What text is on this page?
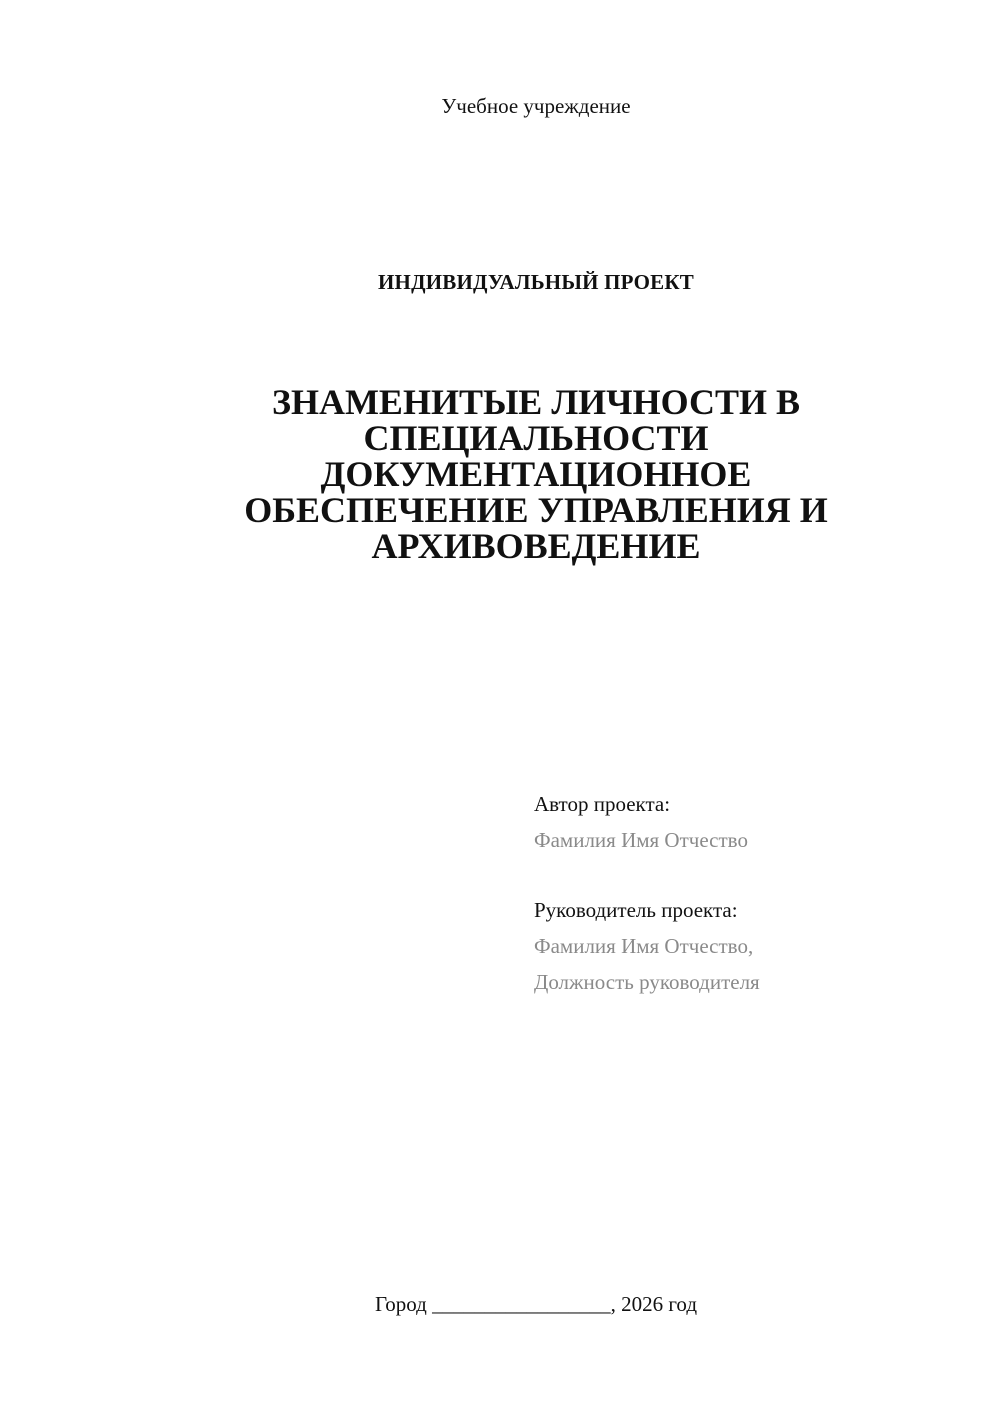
Учебное учреждение
ИНДИВИДУАЛЬНЫЙ ПРОЕКТ
ЗНАМЕНИТЫЕ ЛИЧНОСТИ В
СПЕЦИАЛЬНОСТИ
ДОКУМЕНТАЦИОННОЕ
ОБЕСПЕЧЕНИЕ УПРАВЛЕНИЯ И
АРХИВОВЕДЕНИЕ
Автор проекта:
Фамилия Имя Отчество
Руководитель проекта:
Фамилия Имя Отчество,
Должность руководителя
Город _________________, 2026 год
